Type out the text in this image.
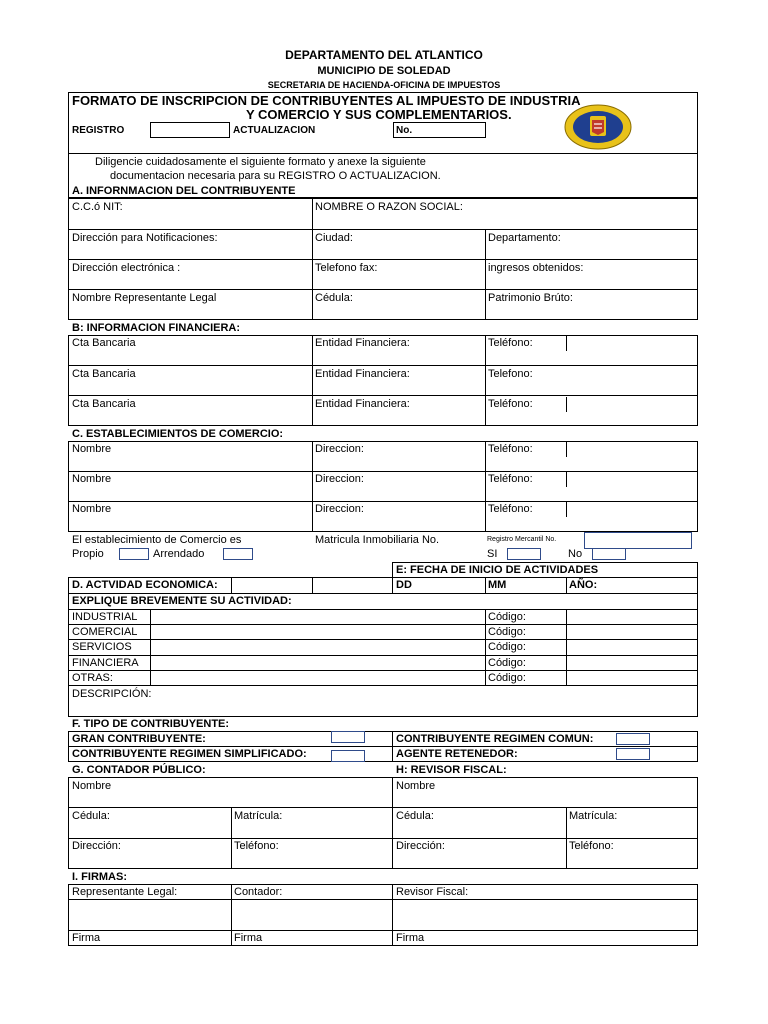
DEPARTAMENTO DEL ATLANTICO
MUNICIPIO DE SOLEDAD
SECRETARIA DE HACIENDA-OFICINA DE IMPUESTOS
FORMATO DE INSCRIPCION DE CONTRIBUYENTES AL IMPUESTO DE INDUSTRIA
Y COMERCIO Y SUS COMPLEMENTARIOS.
REGISTRO	ACTUALIZACION	No.
Diligencie cuidadosamente el siguiente formato y anexe la siguiente
documentacion necesaria para su REGISTRO O ACTUALIZACION.
A. INFORNMACION DEL CONTRIBUYENTE
C.C.ó NIT:	NOMBRE O RAZON SOCIAL:
Dirección para Notificaciones:	Ciudad:	Departamento:
Dirección electrónica :	Telefono fax:	ingresos obtenidos:
Nombre Representante Legal	Cédula:	Patrimonio Brúto:
B: INFORMACION FINANCIERA:
Cta Bancaria	Entidad Financiera:	Teléfono:
Cta Bancaria	Entidad Financiera:	Telefono:
Cta Bancaria	Entidad Financiera:	Teléfono:
C. ESTABLECIMIENTOS DE COMERCIO:
Nombre	Direccion:	Teléfono:
Nombre	Direccion:	Teléfono:
Nombre	Direccion:	Teléfono:
El establecimiento de Comercio es
Propio	Arrendado
Matricula Inmobiliaria No.	Registro Mercantil No.
SI	No
E: FECHA DE INICIO DE ACTIVIDADES
D. ACTVIDAD ECONOMICA:	DD	MM	AÑO:
EXPLIQUE BREVEMENTE SU ACTIVIDAD:
INDUSTRIAL	Código:
COMERCIAL	Código:
SERVICIOS	Código:
FINANCIERA	Código:
OTRAS:	Código:
DESCRIPCIÓN:
F. TIPO DE CONTRIBUYENTE:
GRAN CONTRIBUYENTE:	CONTRIBUYENTE REGIMEN COMUN:
CONTRIBUYENTE REGIMEN SIMPLIFICADO:	AGENTE RETENEDOR:
G. CONTADOR PÚBLICO:	H: REVISOR FISCAL:
Nombre	Nombre
Cédula:	Matrícula:	Cédula:	Matrícula:
Dirección:	Teléfono:	Dirección:	Teléfono:
I. FIRMAS:
Representante Legal:	Contador:	Revisor Fiscal:
Firma	Firma	Firma
